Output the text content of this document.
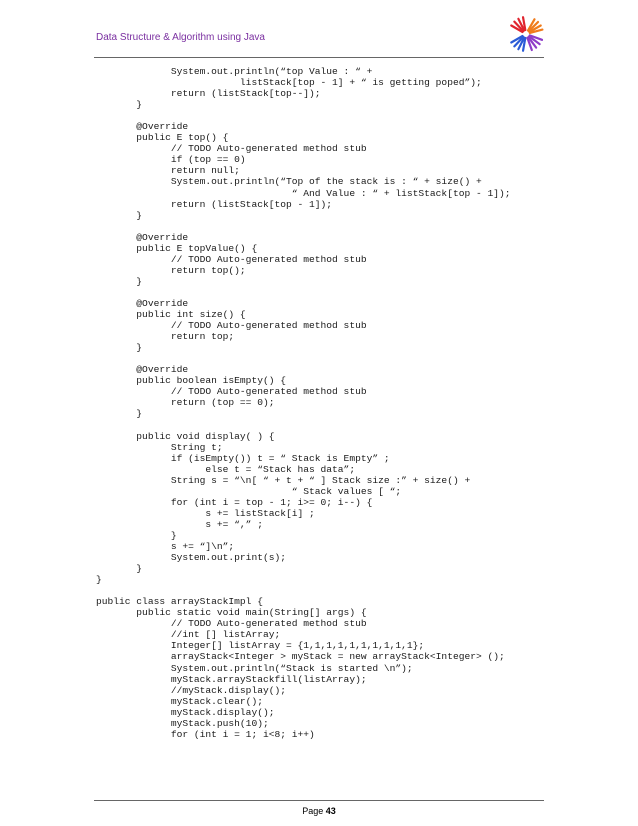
Data Structure & Algorithm using Java
System.out.println(“top Value : “ +
listStack[top - 1] + “ is getting poped”);
return (listStack[top--]);
}

@Override
public E top() {
// TODO Auto-generated method stub
if (top == 0)
return null;
System.out.println(“Top of the stack is : “ + size() +
“ And Value : “ + listStack[top - 1]);
return (listStack[top - 1]);
}

@Override
public E topValue() {
// TODO Auto-generated method stub
return top();
}

@Override
public int size() {
// TODO Auto-generated method stub
return top;
}

@Override
public boolean isEmpty() {
// TODO Auto-generated method stub
return (top == 0);
}

public void display( ) {
String t;
if (isEmpty()) t = “ Stack is Empty” ;
else t = “Stack has data”;
String s = “\n[ “ + t + “ ] Stack size :” + size() +
“ Stack values [ “;
for (int i = top - 1; i>= 0; i--) {
s += listStack[i] ;
s += “,” ;
}
s += “]\n”;
System.out.print(s);
}
}

public class arrayStackImpl {
public static void main(String[] args) {
// TODO Auto-generated method stub
//int [] listArray;
Integer[] listArray = {1,1,1,1,1,1,1,1,1,1};
arrayStack<Integer > myStack = new arrayStack<Integer> ();
System.out.println(“Stack is started \n”);
myStack.arrayStackfill(listArray);
//myStack.display();
myStack.clear();
myStack.display();
myStack.push(10);
for (int i = 1; i<8; i++)
Page 43
